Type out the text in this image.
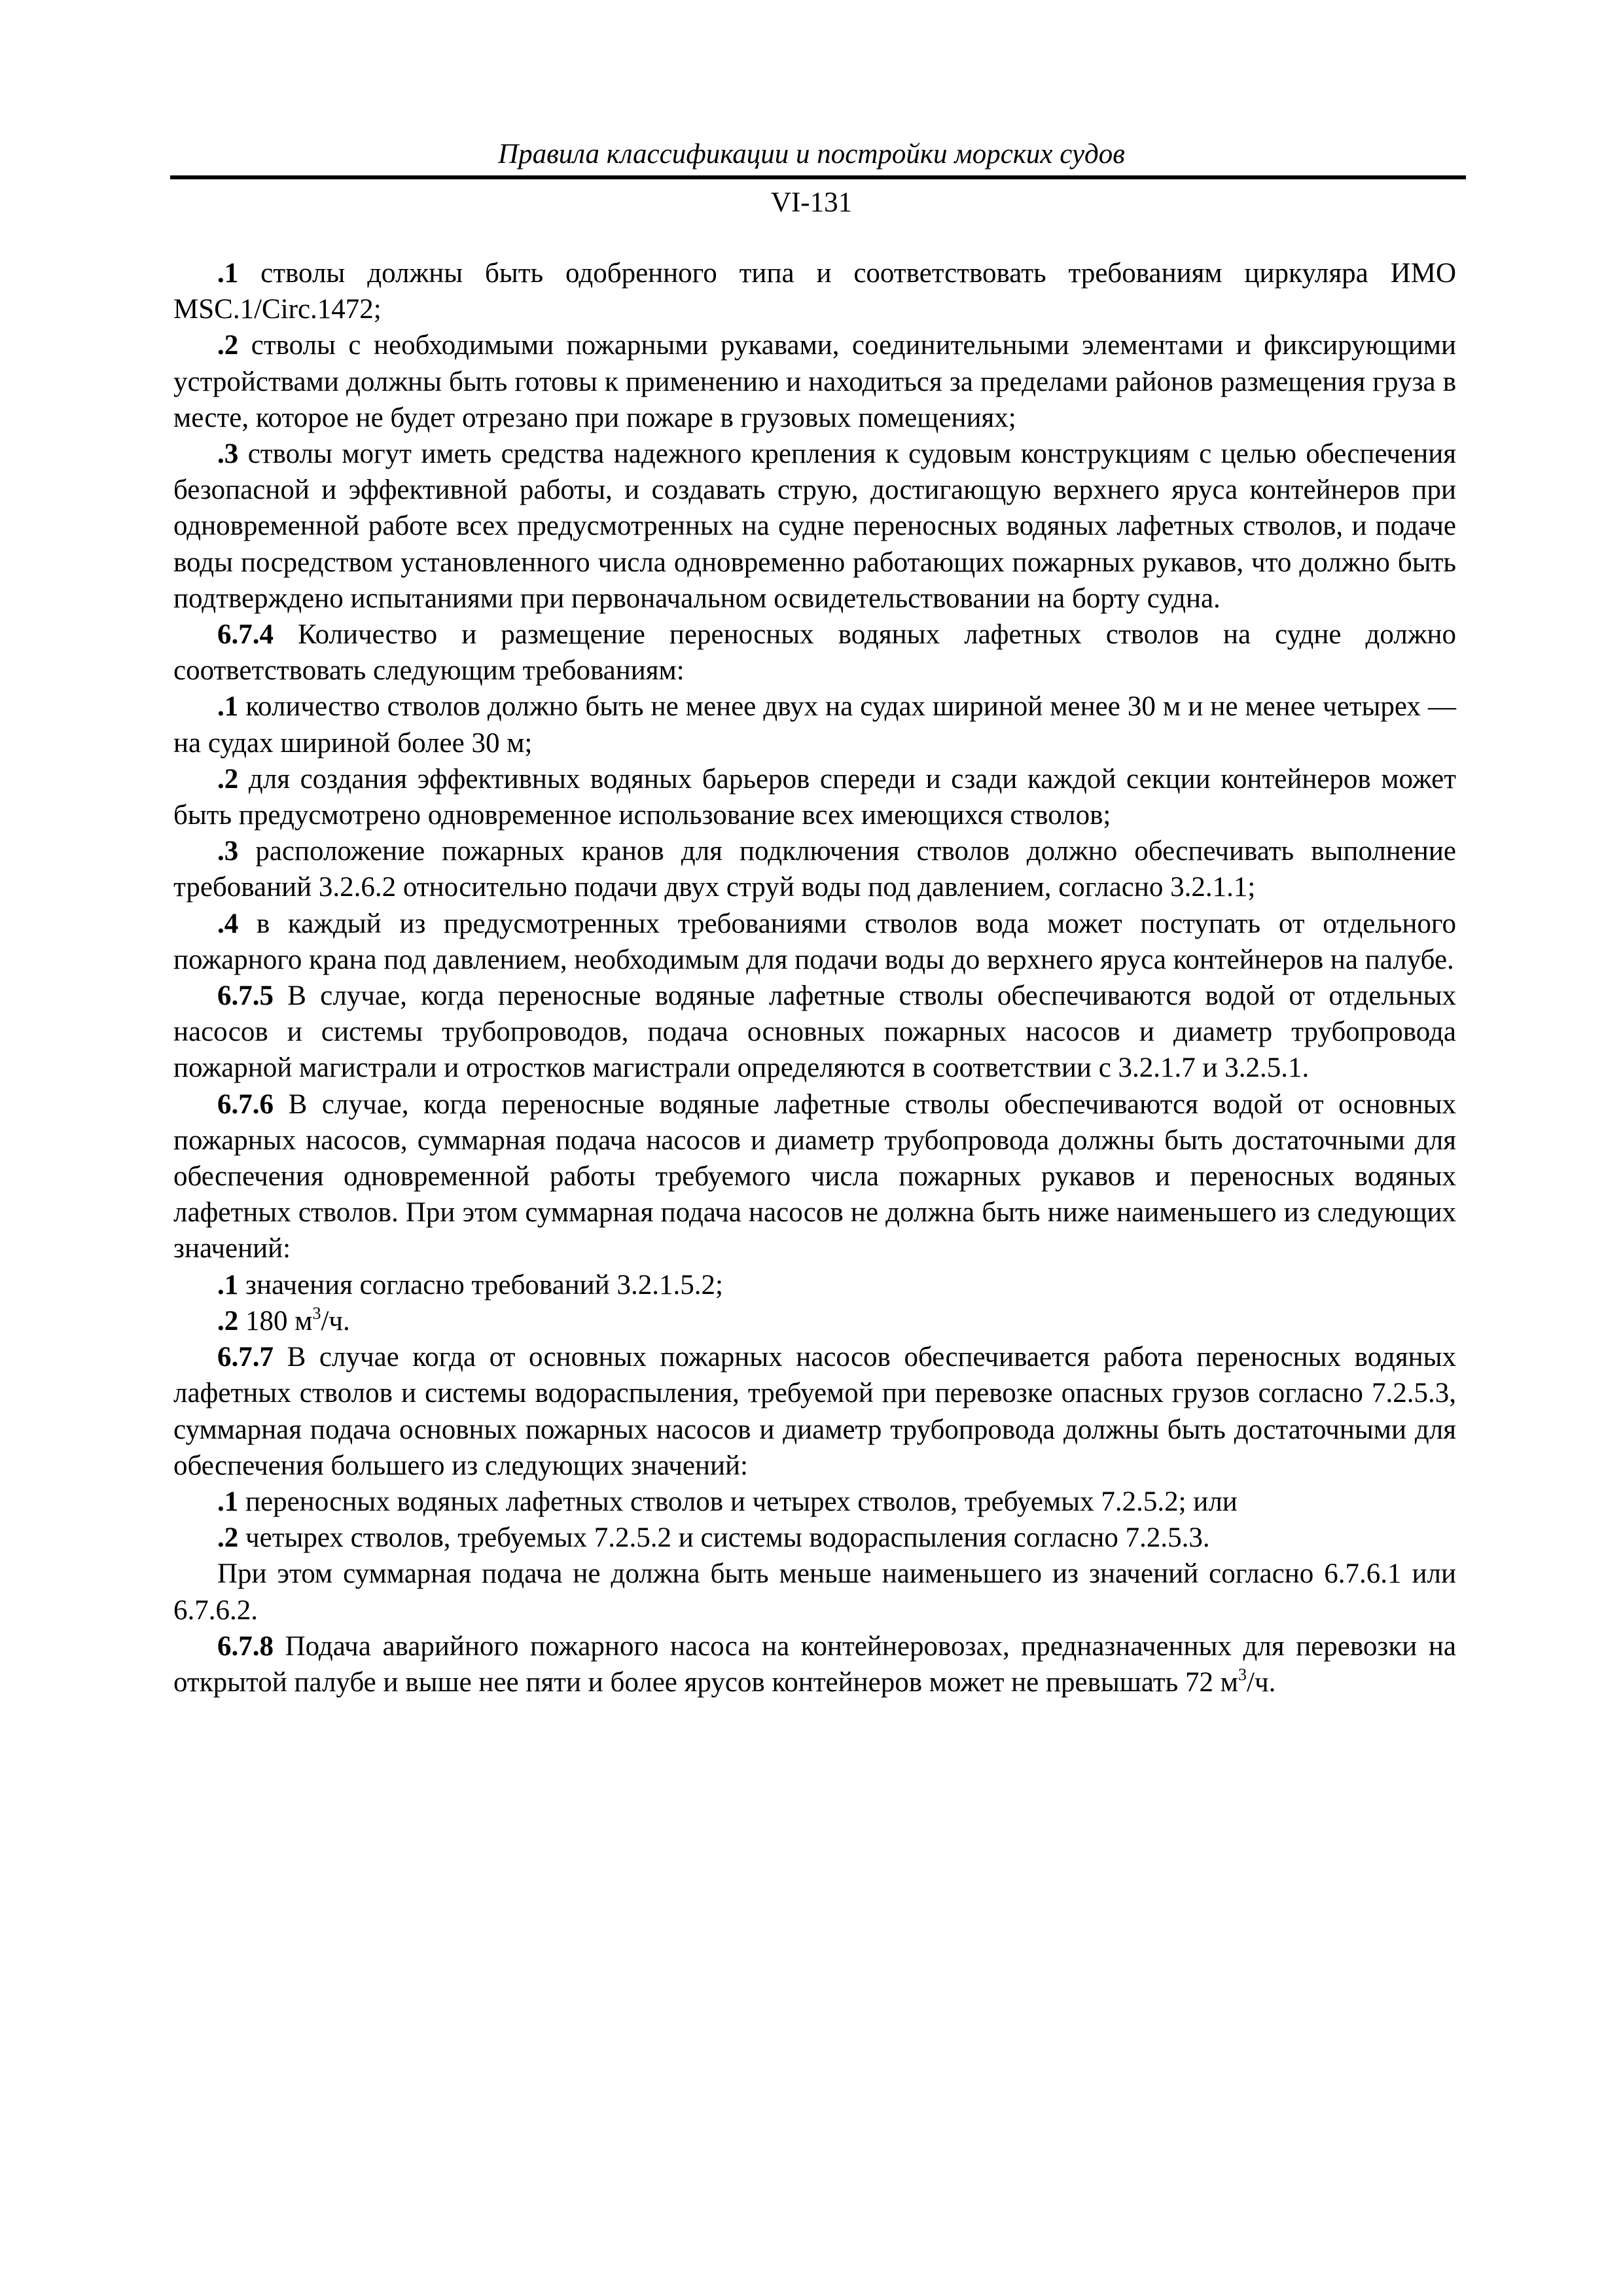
Правила классификации и постройки морских судов
VI-131

.1 стволы должны быть одобренного типа и соответствовать требованиям циркуляра ИМО MSC.1/Circ.1472;

.2 стволы с необходимыми пожарными рукавами, соединительными элементами и фиксирующими устройствами должны быть готовы к применению и находиться за пределами районов размещения груза в месте, которое не будет отрезано при пожаре в грузовых помещениях;

.3 стволы могут иметь средства надежного крепления к судовым конструкциям с целью обеспечения безопасной и эффективной работы, и создавать струю, достигающую верхнего яруса контейнеров при одновременной работе всех предусмотренных на судне переносных водяных лафетных стволов, и подаче воды посредством установленного числа одновременно работающих пожарных рукавов, что должно быть подтверждено испытаниями при первоначальном освидетельствовании на борту судна.

6.7.4 Количество и размещение переносных водяных лафетных стволов на судне должно соответствовать следующим требованиям:

.1 количество стволов должно быть не менее двух на судах шириной менее 30 м и не менее четырех — на судах шириной более 30 м;

.2 для создания эффективных водяных барьеров спереди и сзади каждой секции контейнеров может быть предусмотрено одновременное использование всех имеющихся стволов;

.3 расположение пожарных кранов для подключения стволов должно обеспечивать выполнение требований 3.2.6.2 относительно подачи двух струй воды под давлением, согласно 3.2.1.1;

.4 в каждый из предусмотренных требованиями стволов вода может поступать от отдельного пожарного крана под давлением, необходимым для подачи воды до верхнего яруса контейнеров на палубе.

6.7.5 В случае, когда переносные водяные лафетные стволы обеспечиваются водой от отдельных насосов и системы трубопроводов, подача основных пожарных насосов и диаметр трубопровода пожарной магистрали и отростков магистрали определяются в соответствии с 3.2.1.7 и 3.2.5.1.

6.7.6 В случае, когда переносные водяные лафетные стволы обеспечиваются водой от основных пожарных насосов, суммарная подача насосов и диаметр трубопровода должны быть достаточными для обеспечения одновременной работы требуемого числа пожарных рукавов и переносных водяных лафетных стволов. При этом суммарная подача насосов не должна быть ниже наименьшего из следующих значений:

.1 значения согласно требований 3.2.1.5.2;

.2 180 $м^3/ч$.

6.7.7 В случае когда от основных пожарных насосов обеспечивается работа переносных водяных лафетных стволов и системы водораспыления, требуемой при перевозке опасных грузов согласно 7.2.5.3, суммарная подача основных пожарных насосов и диаметр трубопровода должны быть достаточными для обеспечения большего из следующих значений:

.1 переносных водяных лафетных стволов и четырех стволов, требуемых 7.2.5.2; или

.2 четырех стволов, требуемых 7.2.5.2 и системы водораспыления согласно 7.2.5.3.

При этом суммарная подача не должна быть меньше наименьшего из значений согласно 6.7.6.1 или 6.7.6.2.

6.7.8 Подача аварийного пожарного насоса на контейнеровозах, предназначенных для перевозки на открытой палубе и выше нее пяти и более ярусов контейнеров может не превышать 72 $м^3/ч$.
